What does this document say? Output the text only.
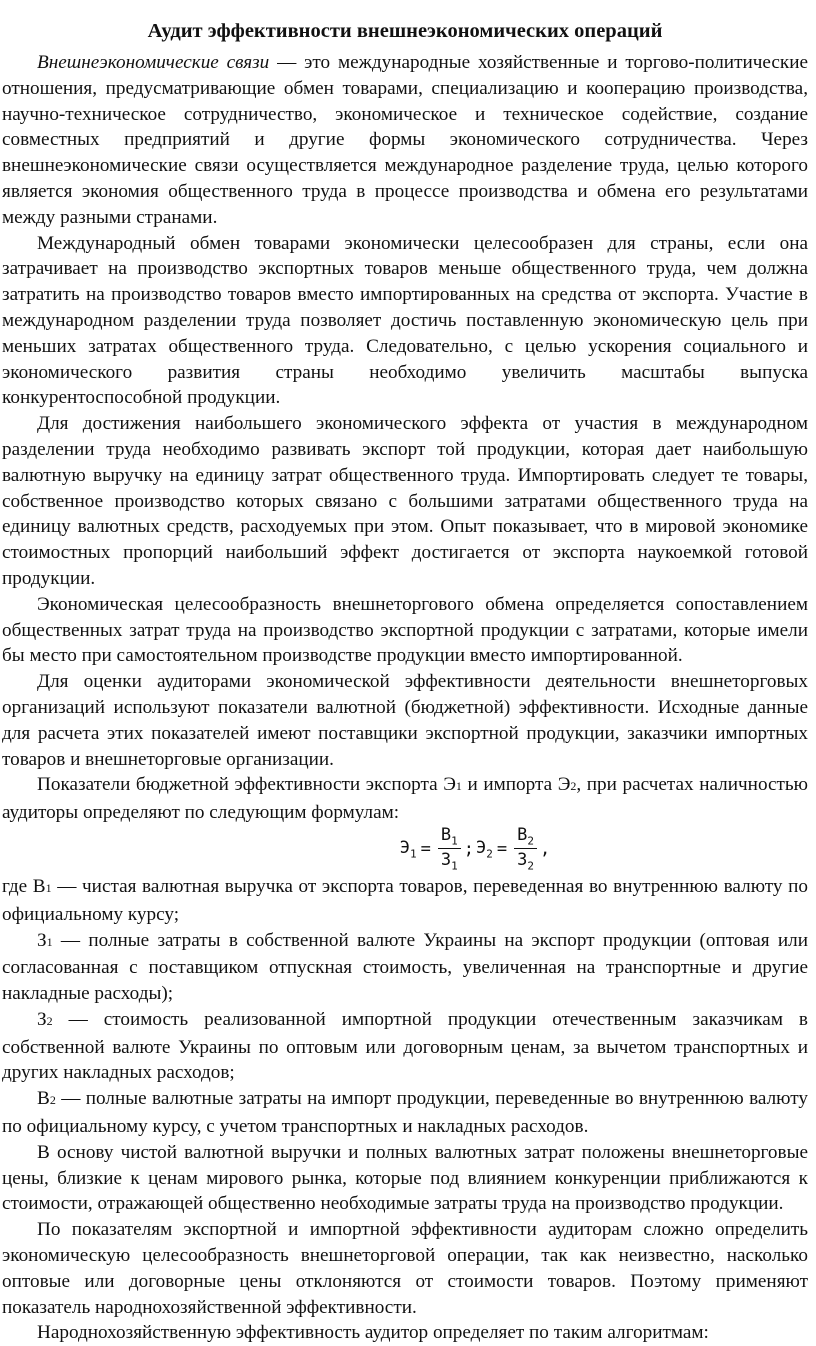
Аудит эффективности внешнеэкономических операций

Внешнеэкономические связи — это международные хозяйственные и торгово-политические отношения, предусматривающие обмен товарами, специализацию и кооперацию производства, научно-техническое сотрудничество, экономическое и техническое содействие, создание совместных предприятий и другие формы экономического сотрудничества. Через внешнеэкономические связи осуществляется международное разделение труда, целью которого является экономия общественного труда в процессе производства и обмена его результатами между разными странами.

Международный обмен товарами экономически целесообразен для страны, если она затрачивает на производство экспортных товаров меньше общественного труда, чем должна затратить на производство товаров вместо импортированных на средства от экспорта. Участие в международном разделении труда позволяет достичь поставленную экономическую цель при меньших затратах общественного труда. Следовательно, с целью ускорения социального и экономического развития страны необходимо увеличить масштабы выпуска конкурентоспособной продукции.

Для достижения наибольшего экономического эффекта от участия в международном разделении труда необходимо развивать экспорт той продукции, которая дает наибольшую валютную выручку на единицу затрат общественного труда. Импортировать следует те товары, собственное производство которых связано с большими затратами общественного труда на единицу валютных средств, расходуемых при этом. Опыт показывает, что в мировой экономике стоимостных пропорций наибольший эффект достигается от экспорта наукоемкой готовой продукции.

Экономическая целесообразность внешнеторгового обмена определяется сопоставлением общественных затрат труда на производство экспортной продукции с затратами, которые имели бы место при самостоятельном производстве продукции вместо импортированной.

Для оценки аудиторами экономической эффективности деятельности внешнеторговых организаций используют показатели валютной (бюджетной) эффективности. Исходные данные для расчета этих показателей имеют поставщики экспортной продукции, заказчики импортных товаров и внешнеторговые организации.

Показатели бюджетной эффективности экспорта Э1 и импорта Э2, при расчетах наличностью аудиторы определяют по следующим формулам:

$Э_1 = \frac{В_1}{З_1}$ ; $Э_2 = \frac{В_2}{З_2}$ ,

где В1 — чистая валютная выручка от экспорта товаров, переведенная во внутреннюю валюту по официальному курсу;

З1 — полные затраты в собственной валюте Украины на экспорт продукции (оптовая или согласованная с поставщиком отпускная стоимость, увеличенная на транспортные и другие накладные расходы);

З2 — стоимость реализованной импортной продукции отечественным заказчикам в собственной валюте Украины по оптовым или договорным ценам, за вычетом транспортных и других накладных расходов;

В2 — полные валютные затраты на импорт продукции, переведенные во внутреннюю валюту по официальному курсу, с учетом транспортных и накладных расходов.

В основу чистой валютной выручки и полных валютных затрат положены внешнеторговые цены, близкие к ценам мирового рынка, которые под влиянием конкуренции приближаются к стоимости, отражающей общественно необходимые затраты труда на производство продукции.

По показателям экспортной и импортной эффективности аудиторам сложно определить экономическую целесообразность внешнеторговой операции, так как неизвестно, насколько оптовые или договорные цены отклоняются от стоимости товаров. Поэтому применяют показатель народнохозяйственной эффективности.

Народнохозяйственную эффективность аудитор определяет по таким алгоритмам:
